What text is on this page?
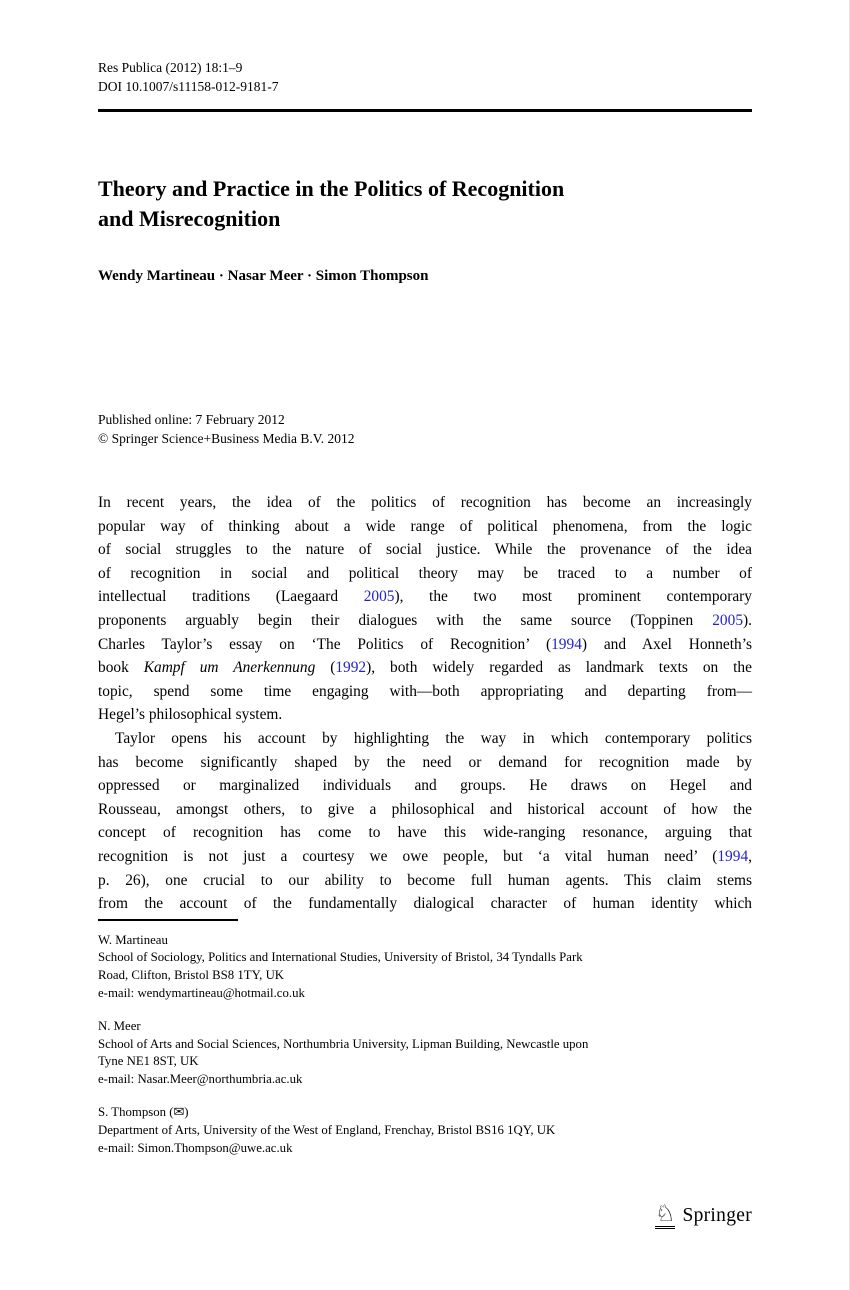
Res Publica (2012) 18:1–9
DOI 10.1007/s11158-012-9181-7
Theory and Practice in the Politics of Recognition
and Misrecognition
Wendy Martineau · Nasar Meer · Simon Thompson
Published online: 7 February 2012
© Springer Science+Business Media B.V. 2012
In recent years, the idea of the politics of recognition has become an increasingly
popular way of thinking about a wide range of political phenomena, from the logic
of social struggles to the nature of social justice. While the provenance of the idea
of recognition in social and political theory may be traced to a number of
intellectual traditions (Laegaard 2005), the two most prominent contemporary
proponents arguably begin their dialogues with the same source (Toppinen 2005).
Charles Taylor’s essay on ‘The Politics of Recognition’ (1994) and Axel Honneth’s
book Kampf um Anerkennung (1992), both widely regarded as landmark texts on the
topic, spend some time engaging with—both appropriating and departing from—
Hegel’s philosophical system.
Taylor opens his account by highlighting the way in which contemporary politics
has become significantly shaped by the need or demand for recognition made by
oppressed or marginalized individuals and groups. He draws on Hegel and
Rousseau, amongst others, to give a philosophical and historical account of how the
concept of recognition has come to have this wide-ranging resonance, arguing that
recognition is not just a courtesy we owe people, but ‘a vital human need’ (1994,
p. 26), one crucial to our ability to become full human agents. This claim stems
from the account of the fundamentally dialogical character of human identity which
W. Martineau
School of Sociology, Politics and International Studies, University of Bristol, 34 Tyndalls Park
Road, Clifton, Bristol BS8 1TY, UK
e-mail: wendymartineau@hotmail.co.uk
N. Meer
School of Arts and Social Sciences, Northumbria University, Lipman Building, Newcastle upon
Tyne NE1 8ST, UK
e-mail: Nasar.Meer@northumbria.ac.uk
S. Thompson (✉)
Department of Arts, University of the West of England, Frenchay, Bristol BS16 1QY, UK
e-mail: Simon.Thompson@uwe.ac.uk
♘ Springer
